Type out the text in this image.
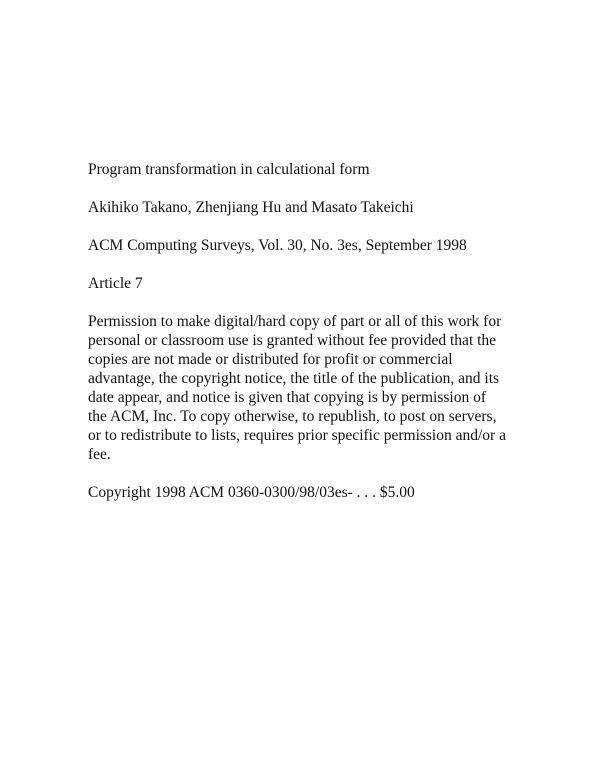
Program transformation in calculational form

Akihiko Takano, Zhenjiang Hu and Masato Takeichi

ACM Computing Surveys, Vol. 30, No. 3es, September 1998

Article 7

Permission to make digital/hard copy of part or all of this work for
personal or classroom use is granted without fee provided that the
copies are not made or distributed for profit or commercial
advantage, the copyright notice, the title of the publication, and its
date appear, and notice is given that copying is by permission of
the ACM, Inc. To copy otherwise, to republish, to post on servers,
or to redistribute to lists, requires prior specific permission and/or a
fee.

Copyright 1998 ACM 0360-0300/98/03es- . . . $5.00
